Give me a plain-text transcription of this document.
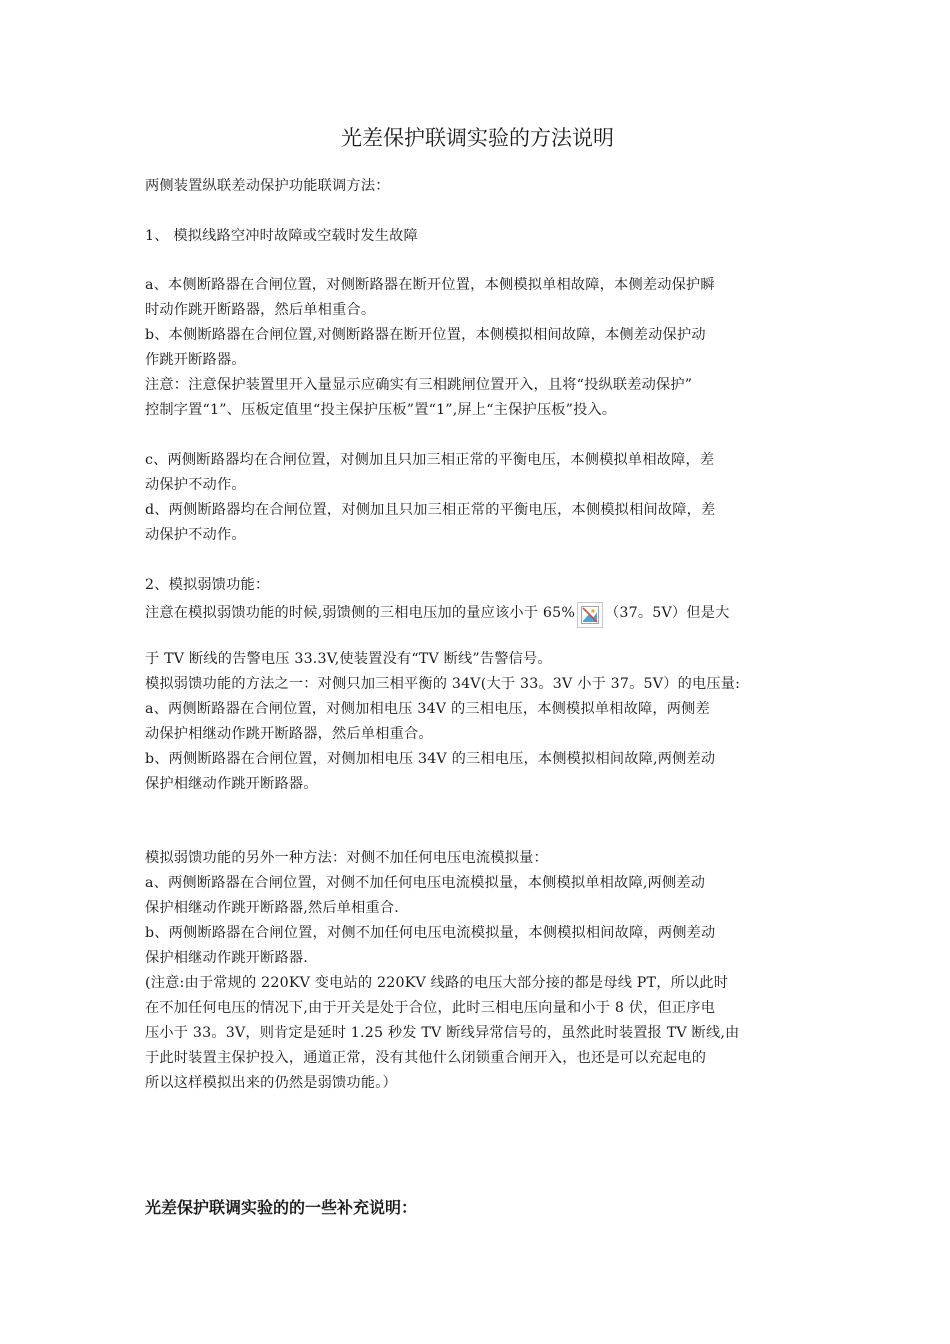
光差保护联调实验的方法说明
两侧装置纵联差动保护功能联调方法：
1、 模拟线路空冲时故障或空载时发生故障
a、本侧断路器在合闸位置，对侧断路器在断开位置，本侧模拟单相故障，本侧差动保护瞬
时动作跳开断路器，然后单相重合。
b、本侧断路器在合闸位置,对侧断路器在断开位置，本侧模拟相间故障，本侧差动保护动
作跳开断路器。
注意：注意保护装置里开入量显示应确实有三相跳闸位置开入，且将“投纵联差动保护”
控制字置“1”、压板定值里“投主保护压板”置“1”,屏上“主保护压板”投入。
c、两侧断路器均在合闸位置，对侧加且只加三相正常的平衡电压，本侧模拟单相故障，差
动保护不动作。
d、两侧断路器均在合闸位置，对侧加且只加三相正常的平衡电压，本侧模拟相间故障，差
动保护不动作。
2、模拟弱馈功能：
注意在模拟弱馈功能的时候,弱馈侧的三相电压加的量应该小于 65% （37。5V）但是大
于 TV 断线的告警电压 33.3V,使装置没有“TV 断线”告警信号。
模拟弱馈功能的方法之一：对侧只加三相平衡的 34V(大于 33。3V 小于 37。5V）的电压量:
a、两侧断路器在合闸位置，对侧加相电压 34V 的三相电压，本侧模拟单相故障，两侧差
动保护相继动作跳开断路器，然后单相重合。
b、两侧断路器在合闸位置，对侧加相电压 34V 的三相电压，本侧模拟相间故障,两侧差动
保护相继动作跳开断路器。
模拟弱馈功能的另外一种方法：对侧不加任何电压电流模拟量：
a、两侧断路器在合闸位置，对侧不加任何电压电流模拟量，本侧模拟单相故障,两侧差动
保护相继动作跳开断路器,然后单相重合.
b、两侧断路器在合闸位置，对侧不加任何电压电流模拟量，本侧模拟相间故障，两侧差动
保护相继动作跳开断路器.
(注意:由于常规的 220KV 变电站的 220KV 线路的电压大部分接的都是母线 PT，所以此时
在不加任何电压的情况下,由于开关是处于合位，此时三相电压向量和小于 8 伏，但正序电
压小于 33。3V，则肯定是延时 1.25 秒发 TV 断线异常信号的，虽然此时装置报 TV 断线,由
于此时装置主保护投入，通道正常，没有其他什么闭锁重合闸开入，也还是可以充起电的
所以这样模拟出来的仍然是弱馈功能。）
光差保护联调实验的的一些补充说明：
